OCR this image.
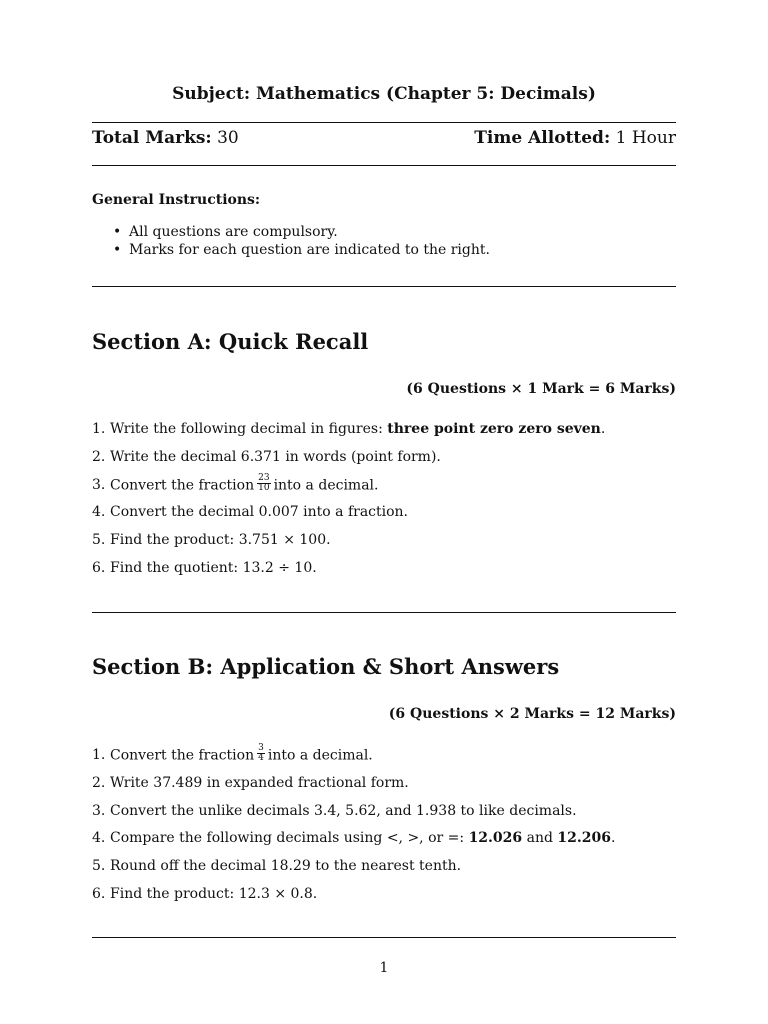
Subject: Mathematics (Chapter 5: Decimals)
Total Marks: 30	Time Allotted: 1 Hour
General Instructions:
• All questions are compulsory.
• Marks for each question are indicated to the right.
Section A: Quick Recall
(6 Questions × 1 Mark = 6 Marks)
1. Write the following decimal in figures: three point zero zero seven.
2. Write the decimal 6.371 in words (point form).
3. Convert the fraction $\frac{23}{10}$ into a decimal.
4. Convert the decimal 0.007 into a fraction.
5. Find the product: 3.751 × 100.
6. Find the quotient: 13.2 ÷ 10.
Section B: Application & Short Answers
(6 Questions × 2 Marks = 12 Marks)
1. Convert the fraction $\frac{3}{4}$ into a decimal.
2. Write 37.489 in expanded fractional form.
3. Convert the unlike decimals 3.4, 5.62, and 1.938 to like decimals.
4. Compare the following decimals using <, >, or =: 12.026 and 12.206.
5. Round off the decimal 18.29 to the nearest tenth.
6. Find the product: 12.3 × 0.8.
1
